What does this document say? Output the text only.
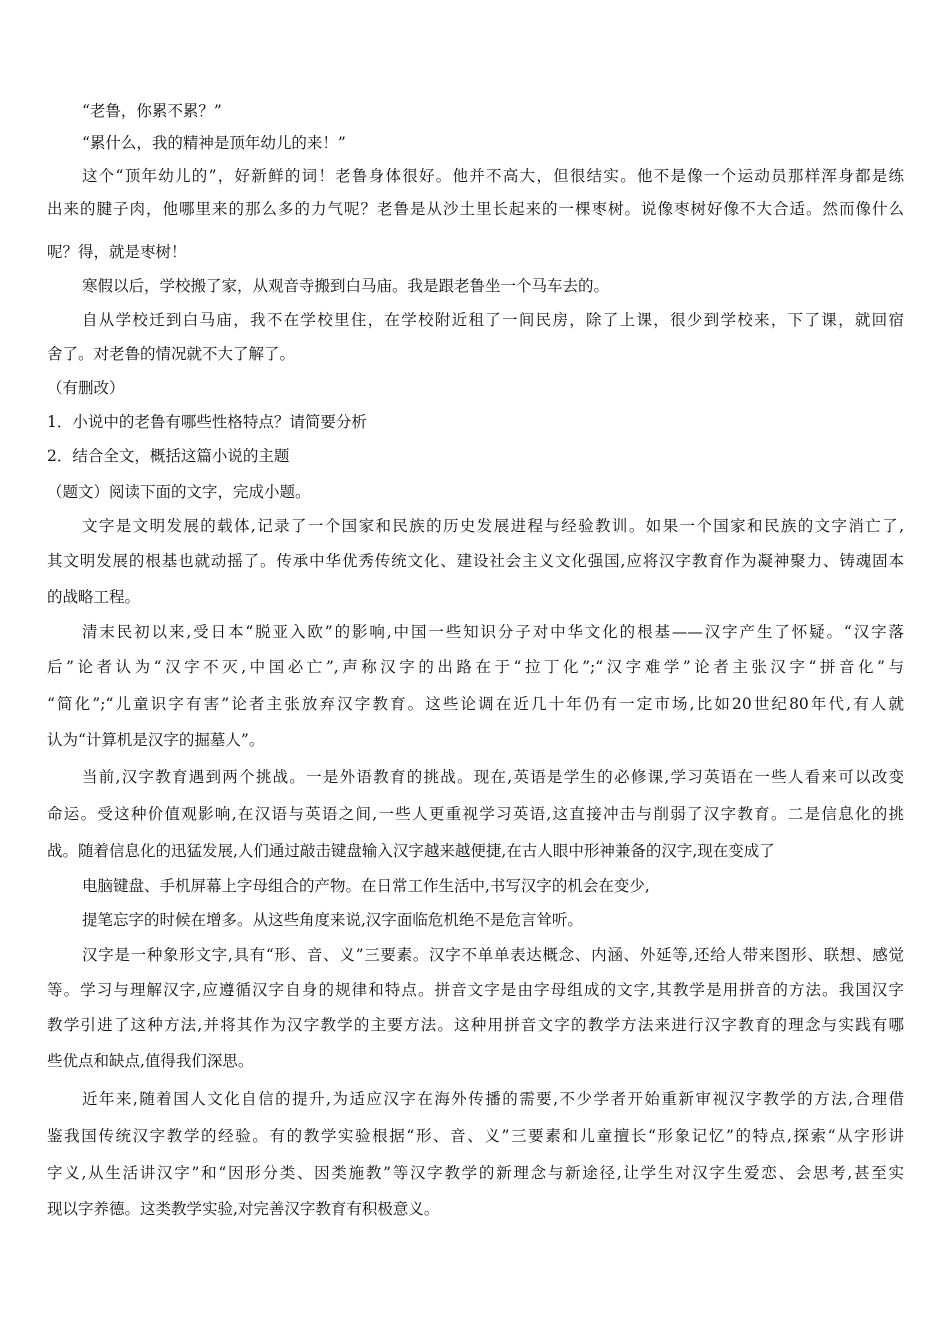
“老鲁，你累不累？”
“累什么，我的精神是顶年幼儿的来！”
这个“顶年幼儿的”，好新鲜的词！老鲁身体很好。他并不高大，但很结实。他不是像一个运动员那样浑身都是练
出来的腱子肉，他哪里来的那么多的力气呢？老鲁是从沙土里长起来的一棵枣树。说像枣树好像不大合适。然而像什么
呢？得，就是枣树！
寒假以后，学校搬了家，从观音寺搬到白马庙。我是跟老鲁坐一个马车去的。
自从学校迁到白马庙，我不在学校里住，在学校附近租了一间民房，除了上课，很少到学校来，下了课，就回宿
舍了。对老鲁的情况就不大了解了。
（有删改）
1．小说中的老鲁有哪些性格特点？请简要分析
2．结合全文，概括这篇小说的主题
（题文）阅读下面的文字，完成小题。
文字是文明发展的载体,记录了一个国家和民族的历史发展进程与经验教训。如果一个国家和民族的文字消亡了,
其文明发展的根基也就动摇了。传承中华优秀传统文化、建设社会主义文化强国,应将汉字教育作为凝神聚力、铸魂固本
的战略工程。
清末民初以来,受日本“脱亚入欧”的影响,中国一些知识分子对中华文化的根基——汉字产生了怀疑。“汉字落
后”论者认为“汉字不灭,中国必亡”,声称汉字的出路在于“拉丁化”;“汉字难学”论者主张汉字“拼音化”与
“简化”;“儿童识字有害”论者主张放弃汉字教育。这些论调在近几十年仍有一定市场,比如20世纪80年代,有人就
认为“计算机是汉字的掘墓人”。
当前,汉字教育遇到两个挑战。一是外语教育的挑战。现在,英语是学生的必修课,学习英语在一些人看来可以改变
命运。受这种价值观影响,在汉语与英语之间,一些人更重视学习英语,这直接冲击与削弱了汉字教育。二是信息化的挑
战。随着信息化的迅猛发展,人们通过敲击键盘输入汉字越来越便捷,在古人眼中形神兼备的汉字,现在变成了
电脑键盘、手机屏幕上字母组合的产物。在日常工作生活中,书写汉字的机会在变少,
提笔忘字的时候在增多。从这些角度来说,汉字面临危机绝不是危言耸听。
汉字是一种象形文字,具有“形、音、义”三要素。汉字不单单表达概念、内涵、外延等,还给人带来图形、联想、感觉
等。学习与理解汉字,应遵循汉字自身的规律和特点。拼音文字是由字母组成的文字,其教学是用拼音的方法。我国汉字
教学引进了这种方法,并将其作为汉字教学的主要方法。这种用拼音文字的教学方法来进行汉字教育的理念与实践有哪
些优点和缺点,值得我们深思。
近年来,随着国人文化自信的提升,为适应汉字在海外传播的需要,不少学者开始重新审视汉字教学的方法,合理借
鉴我国传统汉字教学的经验。有的教学实验根据“形、音、义”三要素和儿童擅长“形象记忆”的特点,探索“从字形讲
字义,从生活讲汉字”和“因形分类、因类施教”等汉字教学的新理念与新途径,让学生对汉字生爱恋、会思考,甚至实
现以字养德。这类教学实验,对完善汉字教育有积极意义。
